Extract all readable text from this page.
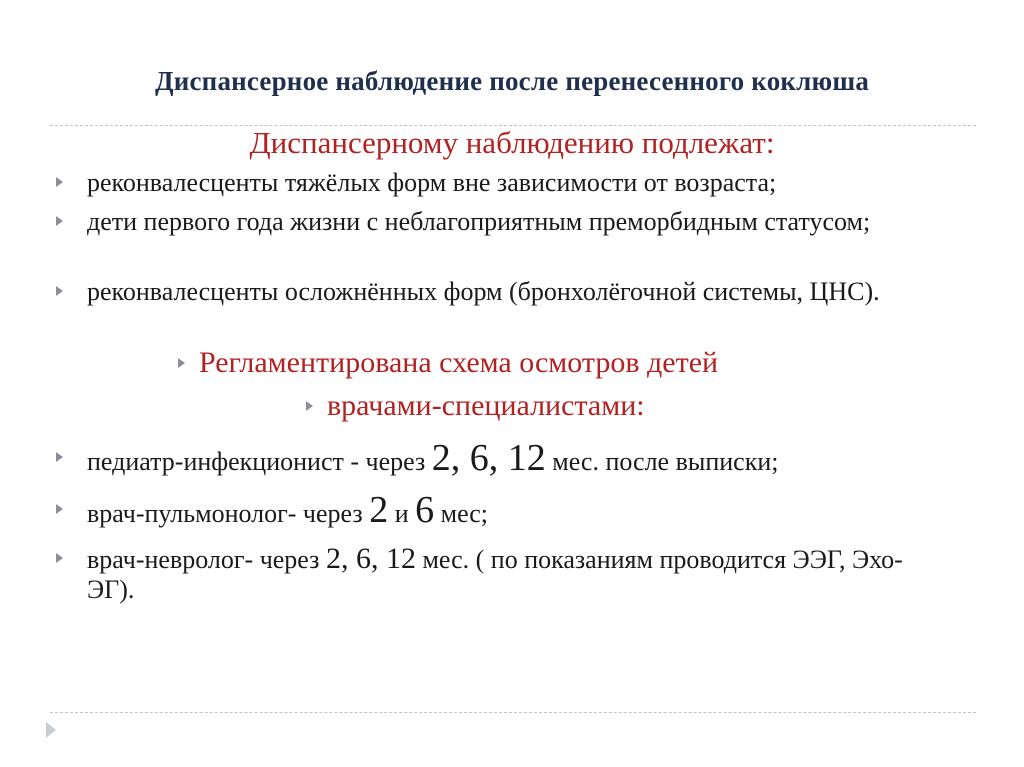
Диспансерное наблюдение после перенесенного коклюша
Диспансерному наблюдению подлежат:
реконвалесценты тяжёлых форм вне зависимости от возраста;
дети первого года жизни с неблагоприятным преморбидным статусом;
реконвалесценты осложнённых форм (бронхолёгочной системы, ЦНС).
Регламентирована схема осмотров детей
врачами-специалистами:
педиатр-инфекционист - через 2, 6, 12 мес. после выписки;
врач-пульмонолог- через 2 и 6 мес;
врач-невролог- через 2, 6, 12 мес. ( по показаниям проводится ЭЭГ, Эхо-ЭГ).
